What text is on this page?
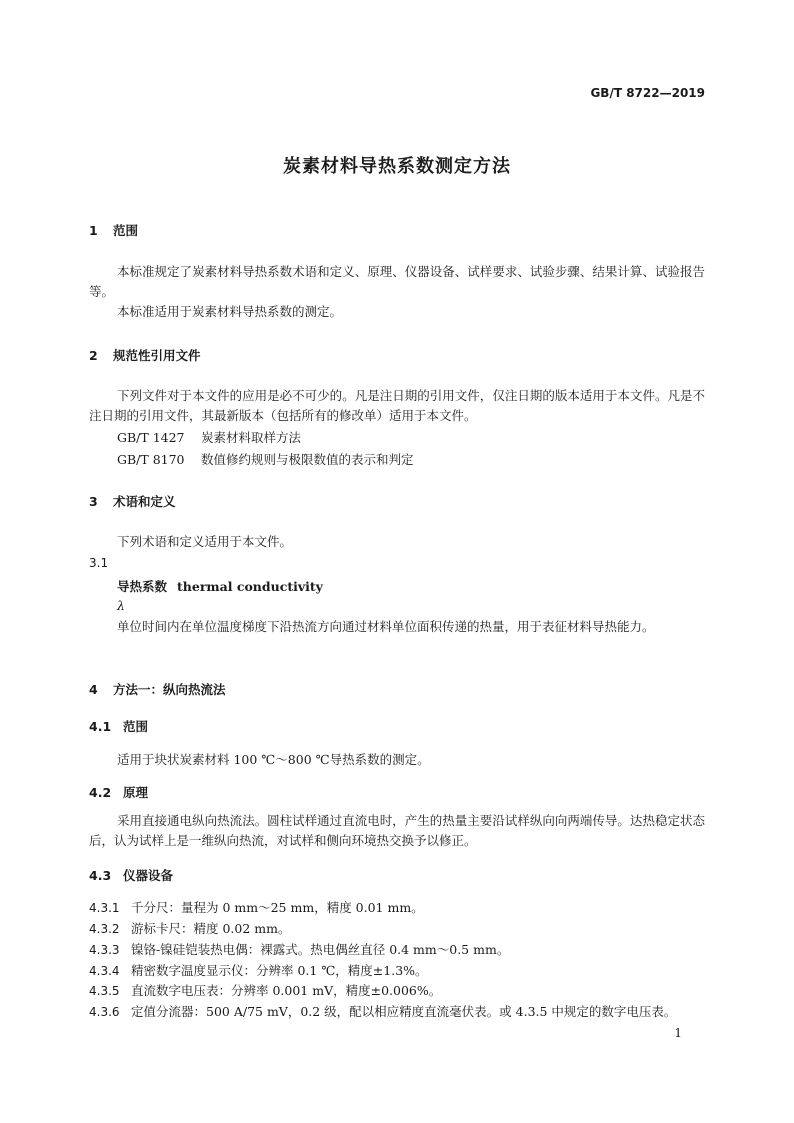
GB/T 8722—2019
炭素材料导热系数测定方法
1 范围
本标准规定了炭素材料导热系数术语和定义、原理、仪器设备、试样要求、试验步骤、结果计算、试验报告等。
本标准适用于炭素材料导热系数的测定。
2 规范性引用文件
下列文件对于本文件的应用是必不可少的。凡是注日期的引用文件，仅注日期的版本适用于本文件。凡是不注日期的引用文件，其最新版本（包括所有的修改单）适用于本文件。
GB/T 1427 炭素材料取样方法
GB/T 8170 数值修约规则与极限数值的表示和判定
3 术语和定义
下列术语和定义适用于本文件。
3.1
导热系数 thermal conductivity
λ
单位时间内在单位温度梯度下沿热流方向通过材料单位面积传递的热量，用于表征材料导热能力。
4 方法一：纵向热流法
4.1 范围
适用于块状炭素材料 100 ℃～800 ℃导热系数的测定。
4.2 原理
采用直接通电纵向热流法。圆柱试样通过直流电时，产生的热量主要沿试样纵向向两端传导。达热稳定状态后，认为试样上是一维纵向热流，对试样和侧向环境热交换予以修正。
4.3 仪器设备
4.3.1 千分尺：量程为 0 mm～25 mm，精度 0.01 mm。
4.3.2 游标卡尺：精度 0.02 mm。
4.3.3 镍铬-镍硅铠装热电偶：裸露式。热电偶丝直径 0.4 mm～0.5 mm。
4.3.4 精密数字温度显示仪：分辨率 0.1 ℃，精度±1.3%。
4.3.5 直流数字电压表：分辨率 0.001 mV，精度±0.006%。
4.3.6 定值分流器：500 A/75 mV，0.2 级，配以相应精度直流毫伏表。或 4.3.5 中规定的数字电压表。
1
